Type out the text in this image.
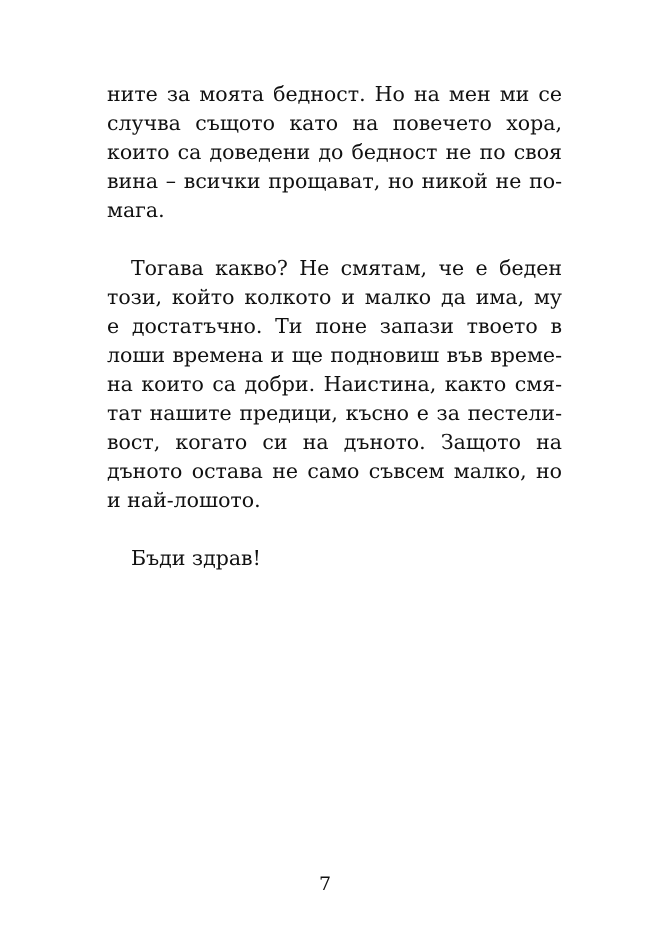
ните за моята бедност. Но на мен ми се
случва същото като на повечето хора,
които са доведени до бедност не по своя
вина – всички прощават, но никой не по-
мага.
Тогава какво? Не смятам, че е беден
този, който колкото и малко да има, му
е достатъчно. Ти поне запази твоето в
лоши времена и ще подновиш във време-
на които са добри. Наистина, както смя-
тат нашите предици, късно е за пестели-
вост, когато си на дъното. Защото на
дъното остава не само съвсем малко, но
и най-лошото.
Бъди здрав!
7
